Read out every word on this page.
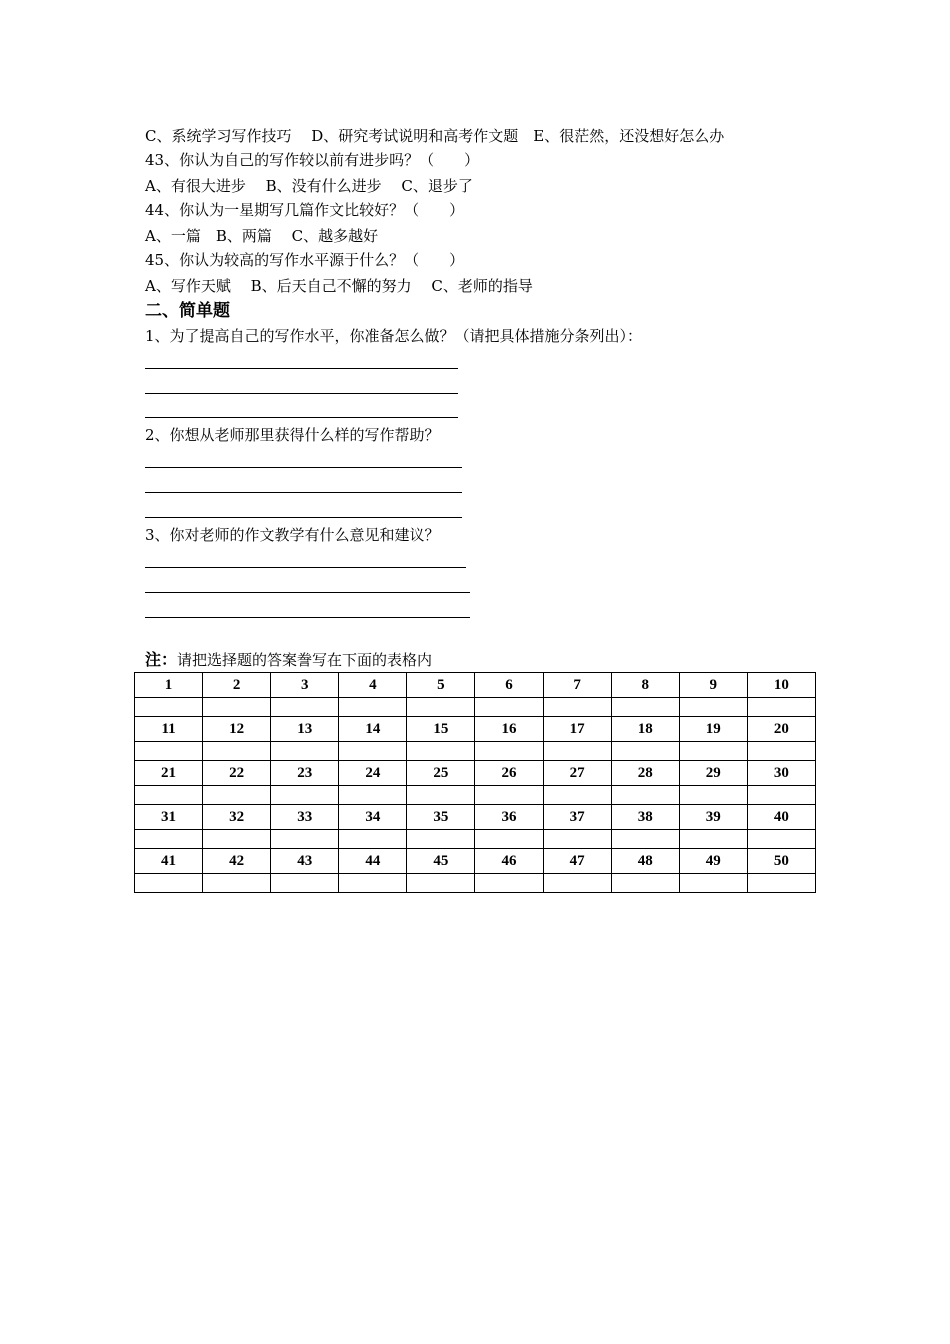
C、系统学习写作技巧　 D、研究考试说明和高考作文题　E、很茫然，还没想好怎么办
43、你认为自己的写作较以前有进步吗？（　　）
A、有很大进步　 B、没有什么进步　 C、退步了
44、你认为一星期写几篇作文比较好？（　　）
A、一篇　B、两篇　 C、越多越好
45、你认为较高的写作水平源于什么？（　　）
A、写作天赋　 B、后天自己不懈的努力　 C、老师的指导
二、简单题
1、为了提高自己的写作水平，你准备怎么做？（请把具体措施分条列出）：
2、你想从老师那里获得什么样的写作帮助？
3、你对老师的作文教学有什么意见和建议？
注：请把选择题的答案誊写在下面的表格内
1	2	3	4	5	6	7	8	9	10

11	12	13	14	15	16	17	18	19	20

21	22	23	24	25	26	27	28	29	30

31	32	33	34	35	36	37	38	39	40

41	42	43	44	45	46	47	48	49	50
